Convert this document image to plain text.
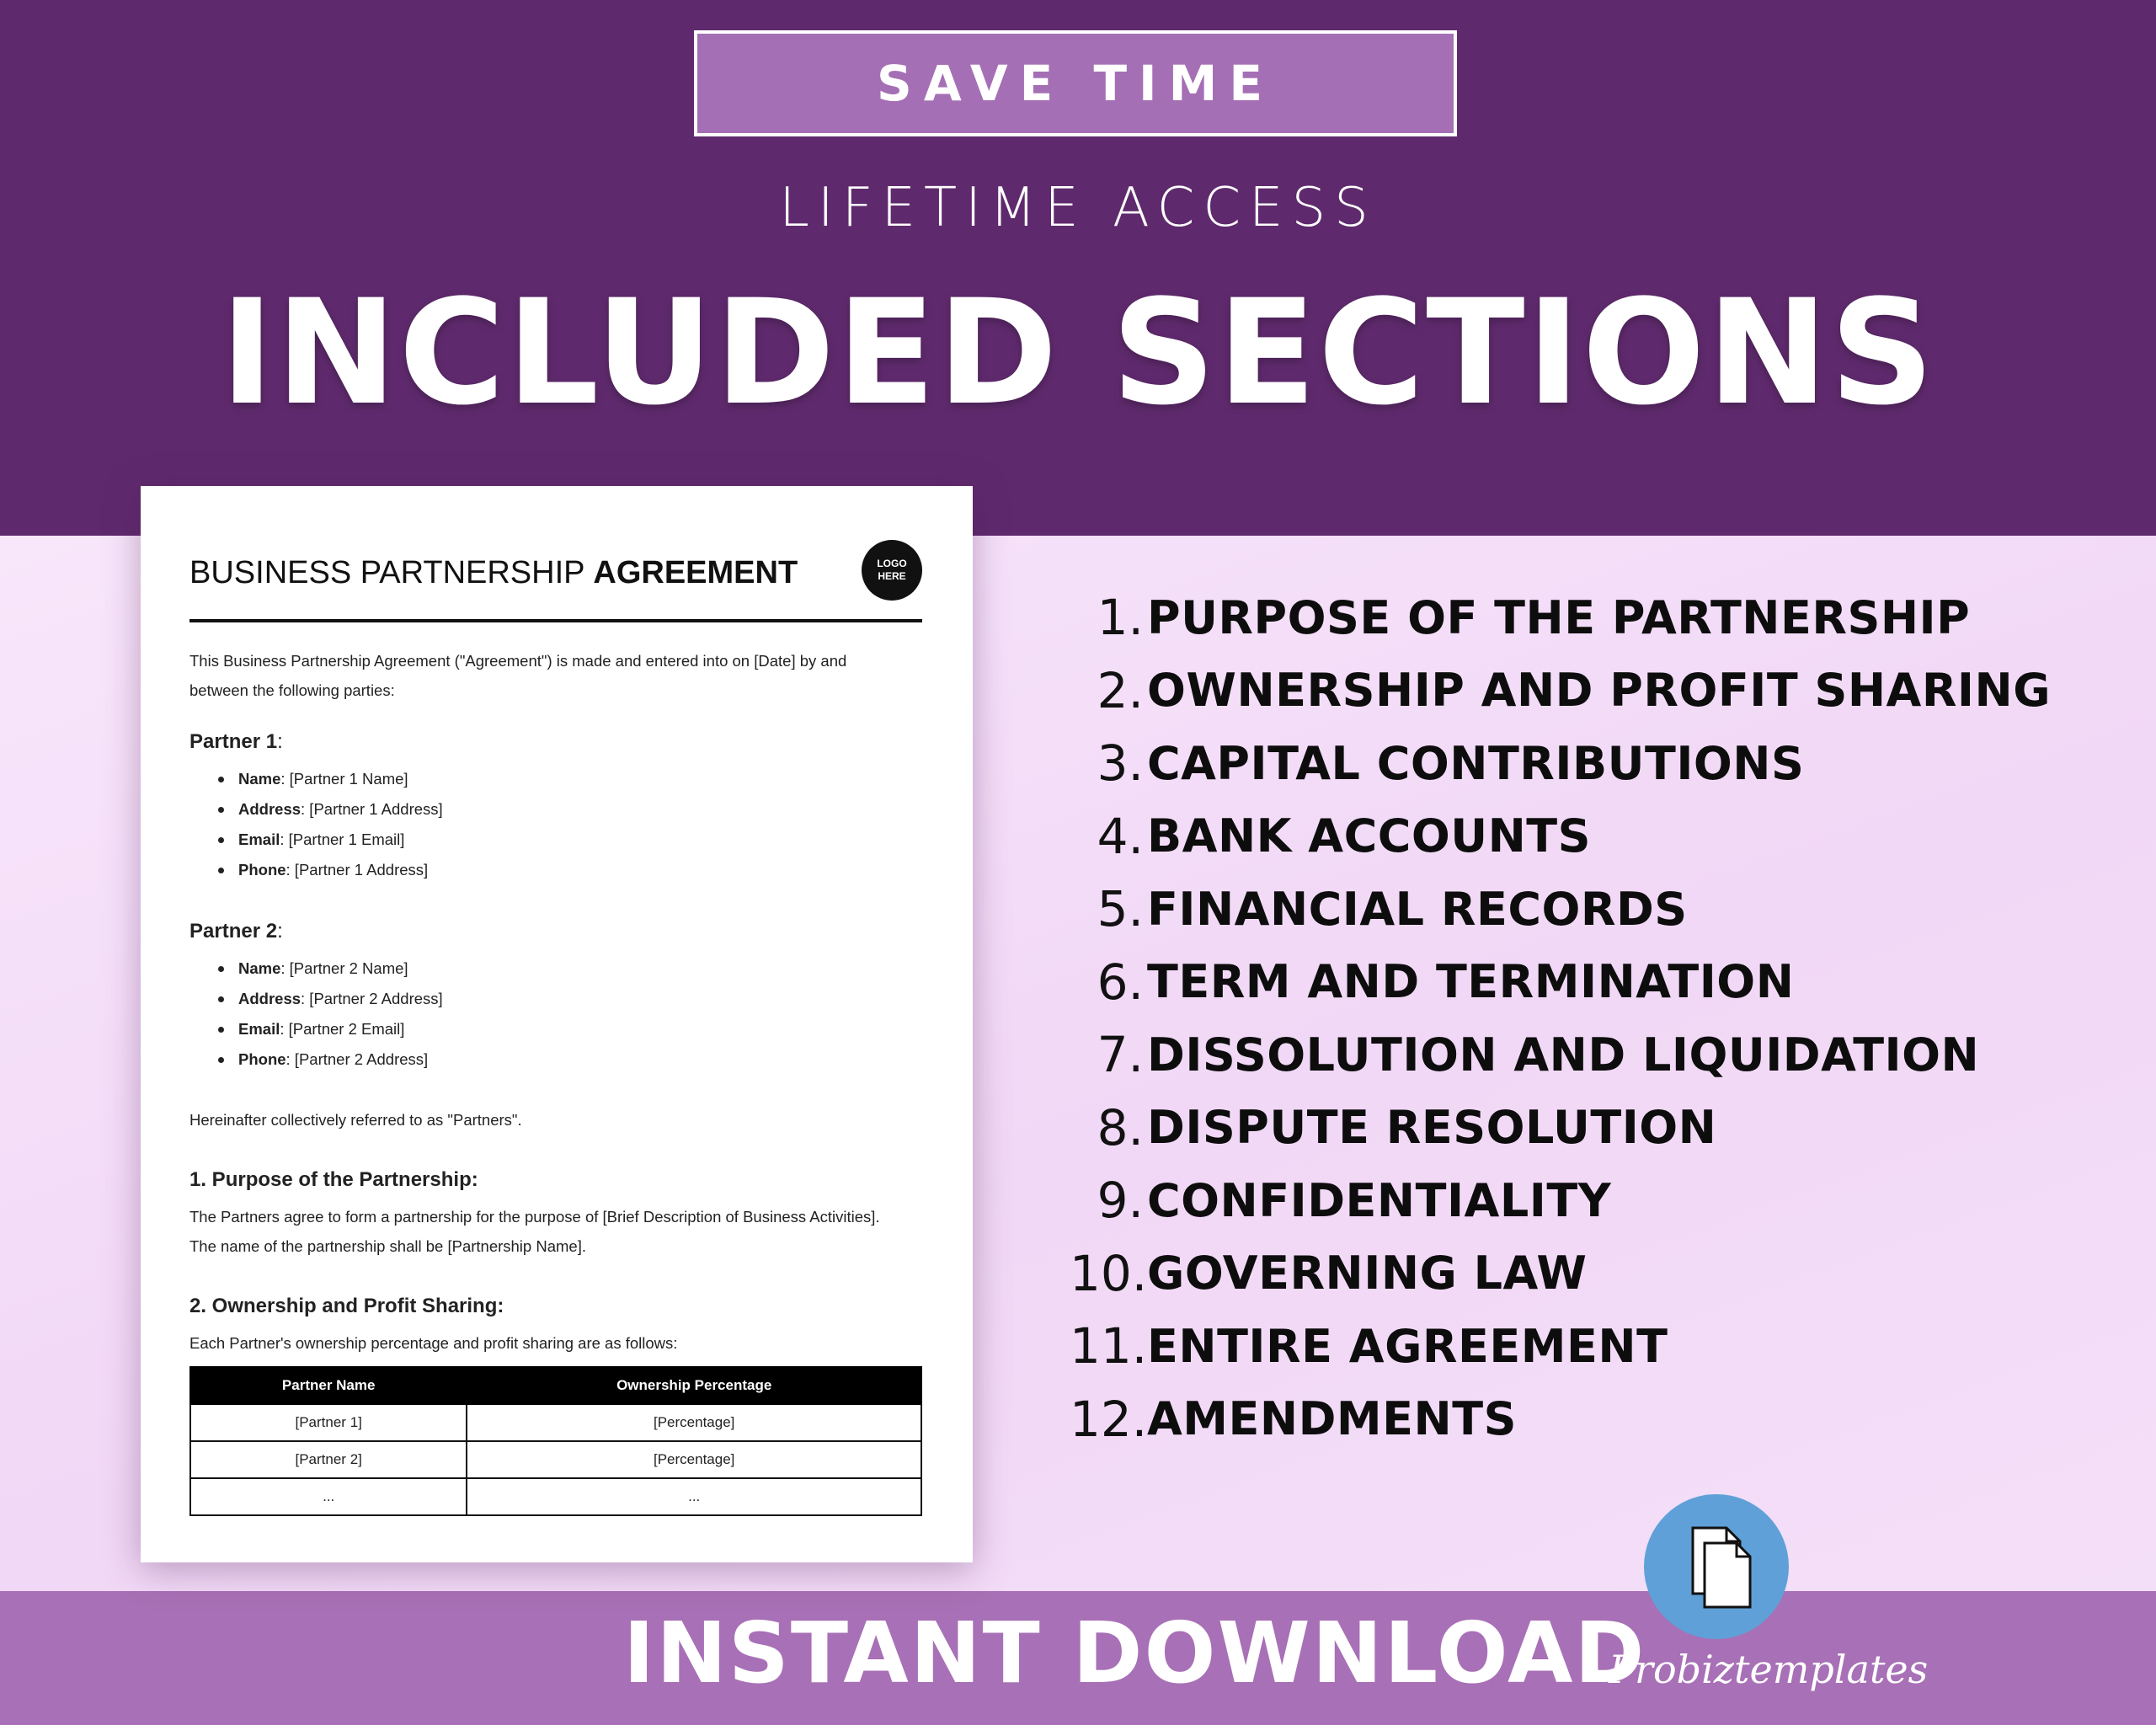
SAVE TIME
LIFETIME ACCESS
INCLUDED SECTIONS
BUSINESS PARTNERSHIP AGREEMENT	LOGO
HERE

This Business Partnership Agreement ("Agreement") is made and entered into on [Date] by and
between the following parties:

Partner 1:

Name: [Partner 1 Name]
Address: [Partner 1 Address]
Email: [Partner 1 Email]
Phone: [Partner 1 Address]

Partner 2:

Name: [Partner 2 Name]
Address: [Partner 2 Address]
Email: [Partner 2 Email]
Phone: [Partner 2 Address]

Hereinafter collectively referred to as "Partners".

1. Purpose of the Partnership:

The Partners agree to form a partnership for the purpose of [Brief Description of Business Activities].
The name of the partnership shall be [Partnership Name].

2. Ownership and Profit Sharing:

Each Partner's ownership percentage and profit sharing are as follows:

Partner Name	Ownership Percentage
[Partner 1]	[Percentage]
[Partner 2]	[Percentage]
...	...
1. PURPOSE OF THE PARTNERSHIP
2. OWNERSHIP AND PROFIT SHARING
3. CAPITAL CONTRIBUTIONS
4. BANK ACCOUNTS
5. FINANCIAL RECORDS
6. TERM AND TERMINATION
7. DISSOLUTION AND LIQUIDATION
8. DISPUTE RESOLUTION
9. CONFIDENTIALITY
10. GOVERNING LAW
11. ENTIRE AGREEMENT
12. AMENDMENTS
INSTANT DOWNLOAD
Probiztemplates
